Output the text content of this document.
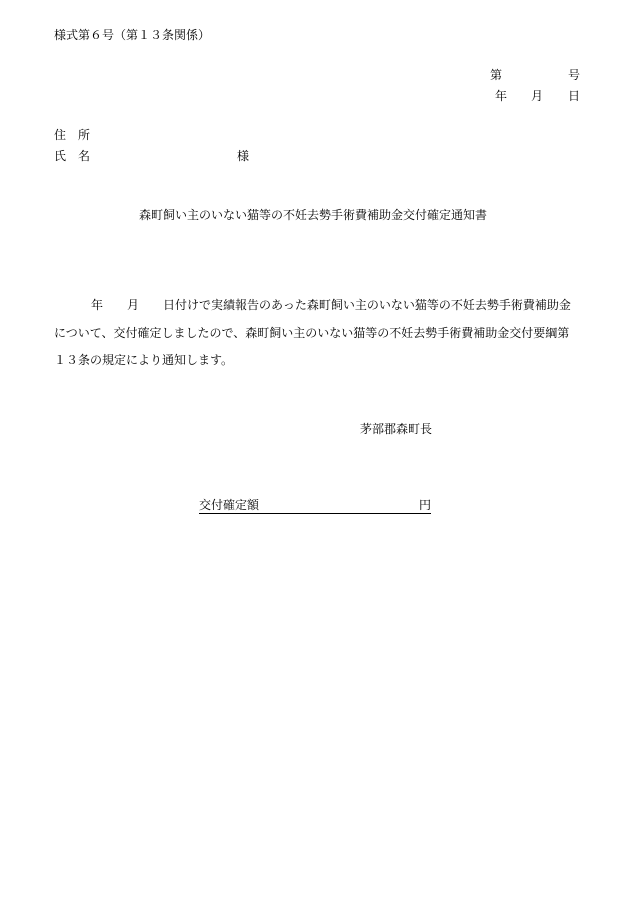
様式第６号（第１３条関係）
第	号
年 月 日
住 所
氏 名	様
森町飼い主のいない猫等の不妊去勢手術費補助金交付確定通知書
年 月 日付けで実績報告のあった森町飼い主のいない猫等の不妊去勢手術費補助金
について、交付確定しましたので、森町飼い主のいない猫等の不妊去勢手術費補助金交付要綱第
１３条の規定により通知します。
茅部郡森町長
交付確定額	円
